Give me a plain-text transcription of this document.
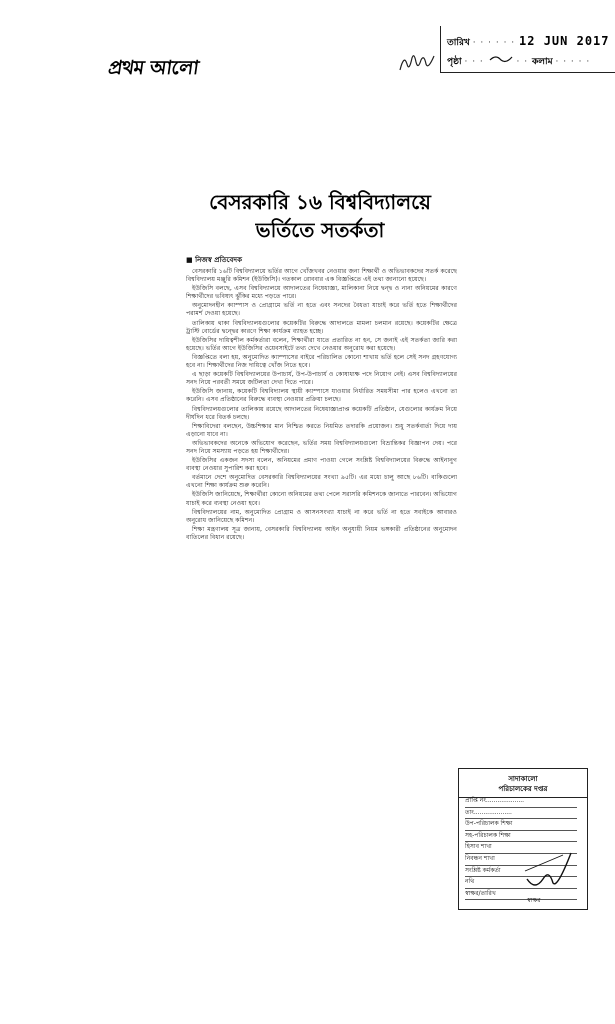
প্রথম আলো
তারিখ · · · · · · 12 JUN 2017
পৃষ্ঠা · · ·	· · কলাম · · · · ·
বেসরকারি ১৬ বিশ্ববিদ্যালয়ে
ভর্তিতে সতর্কতা
■ নিজস্ব প্রতিবেদক

বেসরকারি ১৬টি বিশ্ববিদ্যালয়ে ভর্তির আগে খোঁজখবর নেওয়ার জন্য শিক্ষার্থী ও অভিভাবকদের সতর্ক করেছে বিশ্ববিদ্যালয় মঞ্জুরি কমিশন (ইউজিসি)। গতকাল রোববার এক বিজ্ঞপ্তিতে এই তথ্য জানানো হয়েছে।

ইউজিসি বলছে, এসব বিশ্ববিদ্যালয়ে আদালতের নিষেধাজ্ঞা, মালিকানা নিয়ে দ্বন্দ্ব ও নানা অনিয়মের কারণে শিক্ষার্থীদের ভবিষ্যৎ ঝুঁকির মধ্যে পড়তে পারে।

অনুমোদনহীন ক্যাম্পাস ও প্রোগ্রামে ভর্তি না হতে এবং সনদের বৈধতা যাচাই করে ভর্তি হতে শিক্ষার্থীদের পরামর্শ দেওয়া হয়েছে।

তালিকায় থাকা বিশ্ববিদ্যালয়গুলোর কয়েকটির বিরুদ্ধে আদালতে মামলা চলমান রয়েছে। কয়েকটির ক্ষেত্রে ট্রাস্টি বোর্ডের দ্বন্দ্বের কারণে শিক্ষা কার্যক্রম ব্যাহত হচ্ছে।

ইউজিসির দায়িত্বশীল কর্মকর্তারা বলেন, শিক্ষার্থীরা যাতে প্রতারিত না হন, সে জন্যই এই সতর্কতা জারি করা হয়েছে। ভর্তির আগে ইউজিসির ওয়েবসাইটে তথ্য দেখে নেওয়ার অনুরোধ করা হয়েছে।

বিজ্ঞপ্তিতে বলা হয়, অনুমোদিত ক্যাম্পাসের বাইরে পরিচালিত কোনো শাখায় ভর্তি হলে সেই সনদ গ্রহণযোগ্য হবে না। শিক্ষার্থীদের নিজ দায়িত্বে খোঁজ নিতে হবে।

এ ছাড়া কয়েকটি বিশ্ববিদ্যালয়ের উপাচার্য, উপ-উপাচার্য ও কোষাধ্যক্ষ পদে নিয়োগ নেই। এসব বিশ্ববিদ্যালয়ের সনদ নিয়ে পরবর্তী সময়ে জটিলতা দেখা দিতে পারে।

ইউজিসি জানায়, কয়েকটি বিশ্ববিদ্যালয় স্থায়ী ক্যাম্পাসে যাওয়ার নির্ধারিত সময়সীমা পার হলেও এখনো তা করেনি। এসব প্রতিষ্ঠানের বিরুদ্ধে ব্যবস্থা নেওয়ার প্রক্রিয়া চলছে।

বিশ্ববিদ্যালয়গুলোর তালিকায় রয়েছে আদালতের নিষেধাজ্ঞাপ্রাপ্ত কয়েকটি প্রতিষ্ঠান, যেগুলোর কার্যক্রম নিয়ে দীর্ঘদিন ধরে বিতর্ক চলছে।

শিক্ষাবিদেরা বলছেন, উচ্চশিক্ষার মান নিশ্চিত করতে নিয়মিত তদারকি প্রয়োজন। শুধু সতর্কবার্তা দিয়ে দায় এড়ানো যাবে না।

অভিভাবকদের অনেকে অভিযোগ করেছেন, ভর্তির সময় বিশ্ববিদ্যালয়গুলো বিভ্রান্তিকর বিজ্ঞাপন দেয়। পরে সনদ নিয়ে সমস্যায় পড়তে হয় শিক্ষার্থীদের।

ইউজিসির একজন সদস্য বলেন, অনিয়মের প্রমাণ পাওয়া গেলে সংশ্লিষ্ট বিশ্ববিদ্যালয়ের বিরুদ্ধে আইনানুগ ব্যবস্থা নেওয়ার সুপারিশ করা হবে।

বর্তমানে দেশে অনুমোদিত বেসরকারি বিশ্ববিদ্যালয়ের সংখ্যা ৯৫টি। এর মধ্যে চালু আছে ৮৬টি। বাকিগুলো এখনো শিক্ষা কার্যক্রম শুরু করেনি।

ইউজিসি জানিয়েছে, শিক্ষার্থীরা কোনো অনিয়মের তথ্য পেলে সরাসরি কমিশনকে জানাতে পারবেন। অভিযোগ যাচাই করে ব্যবস্থা নেওয়া হবে।

বিশ্ববিদ্যালয়ের নাম, অনুমোদিত প্রোগ্রাম ও আসনসংখ্যা যাচাই না করে ভর্তি না হতে সবাইকে আবারও অনুরোধ জানিয়েছে কমিশন।

শিক্ষা মন্ত্রণালয় সূত্র জানায়, বেসরকারি বিশ্ববিদ্যালয় আইন অনুযায়ী নিয়ম ভঙ্গকারী প্রতিষ্ঠানের অনুমোদন বাতিলের বিধান রয়েছে।

সাদাকালো
পরিচালকের দপ্তর
প্রাপ্তি নং....................
তাং....................
উপ-পরিচালক শিক্ষা
সহ-পরিচালক শিক্ষা
হিসাব শাখা
নিবন্ধন শাখা
সংশ্লিষ্ট কর্মকর্তা
নথি
স্বাক্ষর/তারিখ
স্বাক্ষর
